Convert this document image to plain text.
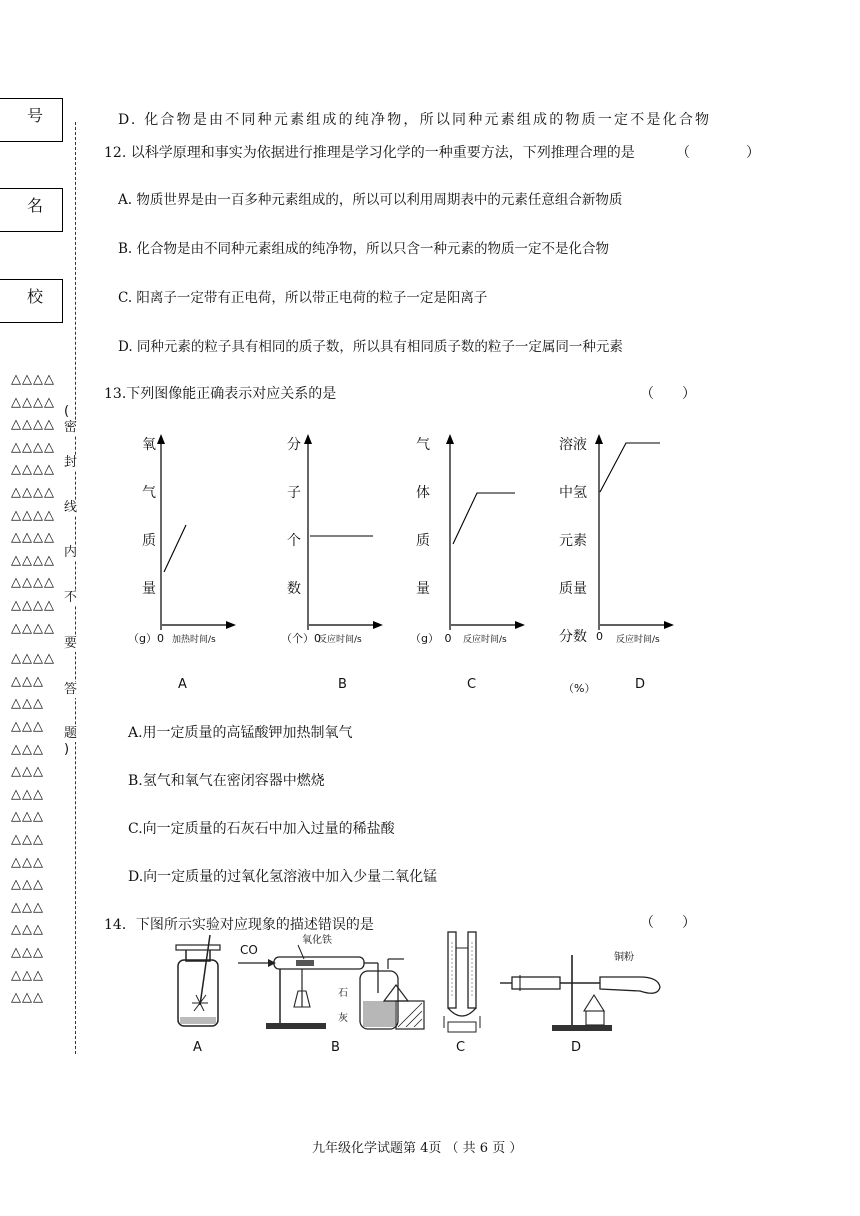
号
名
校
△△△△
△△△△
△△△△
△△△△
△△△△
△△△△
△△△△
△△△△
△△△△
△△△△
△△△△
△△△△
△△△△
△△△
△△△
△△△
△△△
△△△
△△△
△△△
△△△
△△△
△△△
△△△
△△△
△△△
△△△
△△△
(
密
封
线
内
不
要
答
题
)
D. 化合物是由不同种元素组成的纯净物，所以同种元素组成的物质一定不是化合物
12. 以科学原理和事实为依据进行推理是学习化学的一种重要方法，下列推理合理的是	（　　　　）
A. 物质世界是由一百多种元素组成的，所以可以利用周期表中的元素任意组合新物质
B. 化合物是由不同种元素组成的纯净物，所以只含一种元素的物质一定不是化合物
C. 阳离子一定带有正电荷，所以带正电荷的粒子一定是阳离子
D. 同种元素的粒子具有相同的质子数，所以具有相同质子数的粒子一定属同一种元素
13.下列图像能正确表示对应关系的是	（　　）
氧
气
质
量
（g）0 加热时间/s
A
分
子
个
数
（个）0
反应时间/s
B
气
体
质
量
（g）　0 反应时间/s
C
溶液
中氢
元素
质量
分数 0 反应时间/s
（%）	D
A.用一定质量的高锰酸钾加热制氧气
B.氢气和氧气在密闭容器中燃烧
C.向一定质量的石灰石中加入过量的稀盐酸
D.向一定质量的过氧化氢溶液中加入少量二氧化锰
14．下图所示实验对应现象的描述错误的是	（　　）
A
CO
氧化铁
石
灰
B	C
铜粉
D
九年级化学试题第 4页 （ 共 6 页 ）
